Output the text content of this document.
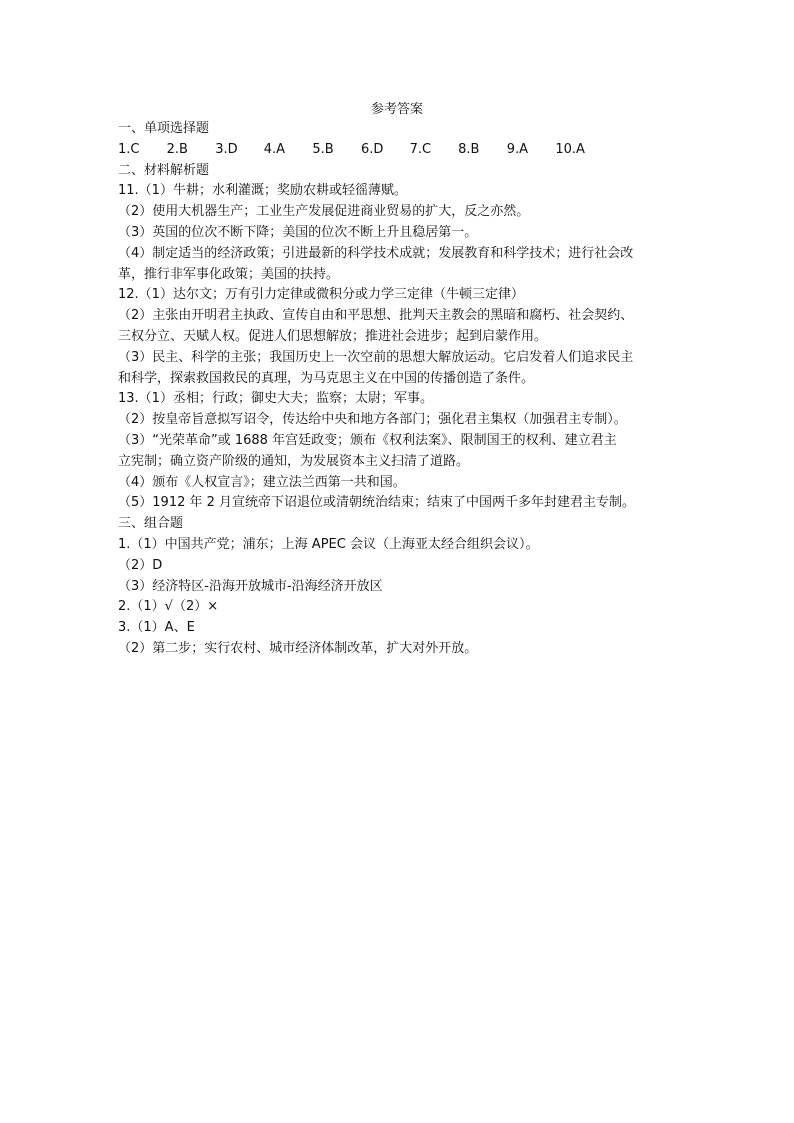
参考答案
一、单项选择题
1.C	2.B	3.D	4.A	5.B	6.D	7.C	8.B	9.A	10.A
二、材料解析题
11.（1）牛耕；水利灌溉；奖励农耕或轻徭薄赋。
（2）使用大机器生产；工业生产发展促进商业贸易的扩大，反之亦然。
（3）英国的位次不断下降；美国的位次不断上升且稳居第一。
（4）制定适当的经济政策；引进最新的科学技术成就；发展教育和科学技术；进行社会改
革，推行非军事化政策；美国的扶持。
12.（1）达尔文；万有引力定律或微积分或力学三定律（牛顿三定律）
（2）主张由开明君主执政、宣传自由和平思想、批判天主教会的黑暗和腐朽、社会契约、
三权分立、天赋人权。促进人们思想解放；推进社会进步；起到启蒙作用。
（3）民主、科学的主张；我国历史上一次空前的思想大解放运动。它启发着人们追求民主
和科学，探索救国救民的真理，为马克思主义在中国的传播创造了条件。
13.（1）丞相；行政；御史大夫；监察；太尉；军事。
（2）按皇帝旨意拟写诏令，传达给中央和地方各部门；强化君主集权（加强君主专制）。
（3）“光荣革命”或 1688 年宫廷政变；颁布《权利法案》、限制国王的权利、建立君主
立宪制；确立资产阶级的通知，为发展资本主义扫清了道路。
（4）颁布《人权宣言》；建立法兰西第一共和国。
（5）1912 年 2 月宣统帝下诏退位或清朝统治结束；结束了中国两千多年封建君主专制。
三、组合题
1.（1）中国共产党；浦东；上海 APEC 会议（上海亚太经合组织会议）。
（2）D
（3）经济特区-沿海开放城市-沿海经济开放区
2.（1）√（2）×
3.（1）A、E
（2）第二步；实行农村、城市经济体制改革，扩大对外开放。
